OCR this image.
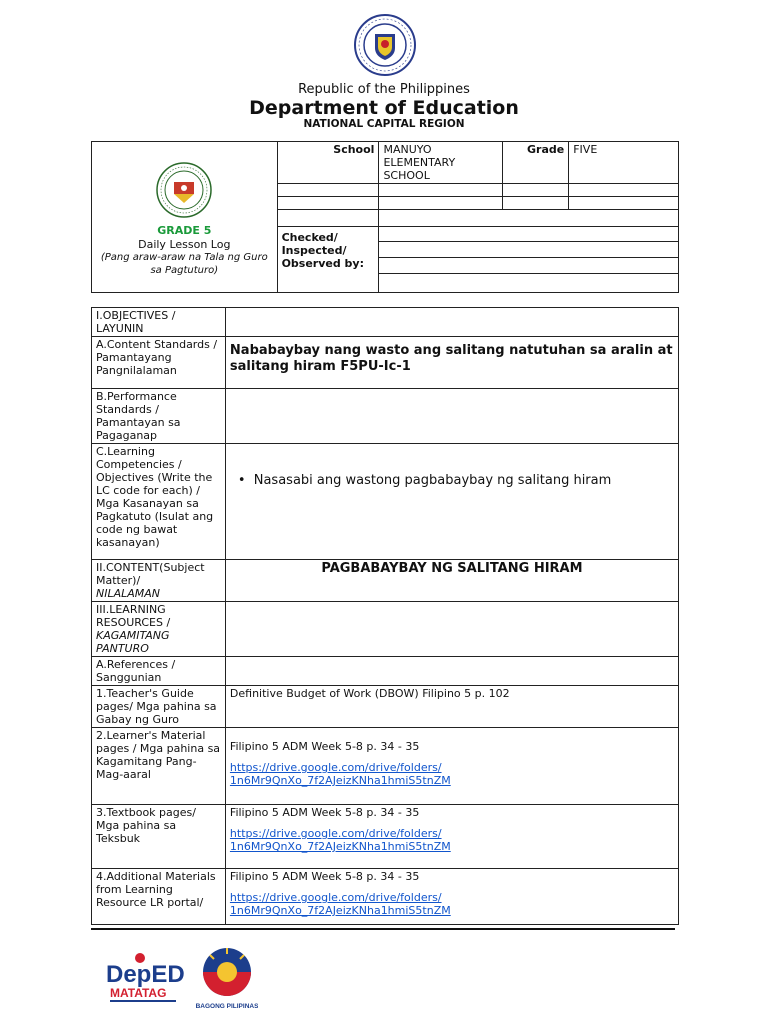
Republic of the Philippines
Department of Education
NATIONAL CAPITAL REGION
GRADE 5
Daily Lesson Log
(Pang araw-araw na Tala ng Guro sa Pagtuturo)	School	MANUYO ELEMENTARY SCHOOL	Grade	FIVE

	Checked/ Inspected/ Observed by:			

I.OBJECTIVES / LAYUNIN	
A.Content Standards / Pamantayang Pangnilalaman	Nababaybay nang wasto ang salitang natutuhan sa aralin at salitang hiram F5PU-Ic-1
B.Performance Standards / Pamantayan sa Pagaganap	
C.Learning Competencies / Objectives (Write the LC code for each) / Mga Kasanayan sa Pagkatuto (Isulat ang code ng bawat kasanayan)	• Nasasabi ang wastong pagbabaybay ng salitang hiram
II.CONTENT(Subject Matter)/
NILALAMAN	PAGBABAYBAY NG SALITANG HIRAM
III.LEARNING RESOURCES /
KAGAMITANG PANTURO	
A.References / Sanggunian	
1.Teacher's Guide pages/ Mga pahina sa Gabay ng Guro	Definitive Budget of Work (DBOW) Filipino 5 p. 102
2.Learner's Material pages / Mga pahina sa Kagamitang Pang-Mag-aaral	Filipino 5 ADM Week 5-8 p. 34 - 35
https://drive.google.com/drive/folders/
1n6Mr9QnXo_7f2AJeizKNha1hmiS5tnZM

3.Textbook pages/ Mga pahina sa Teksbuk	Filipino 5 ADM Week 5-8 p. 34 - 35
https://drive.google.com/drive/folders/
1n6Mr9QnXo_7f2AJeizKNha1hmiS5tnZM

4.Additional Materials from Learning Resource LR portal/	Filipino 5 ADM Week 5-8 p. 34 - 35
https://drive.google.com/drive/folders/
1n6Mr9QnXo_7f2AJeizKNha1hmiS5tnZM
DepED
MATATAG
BAGONG PILIPINAS
